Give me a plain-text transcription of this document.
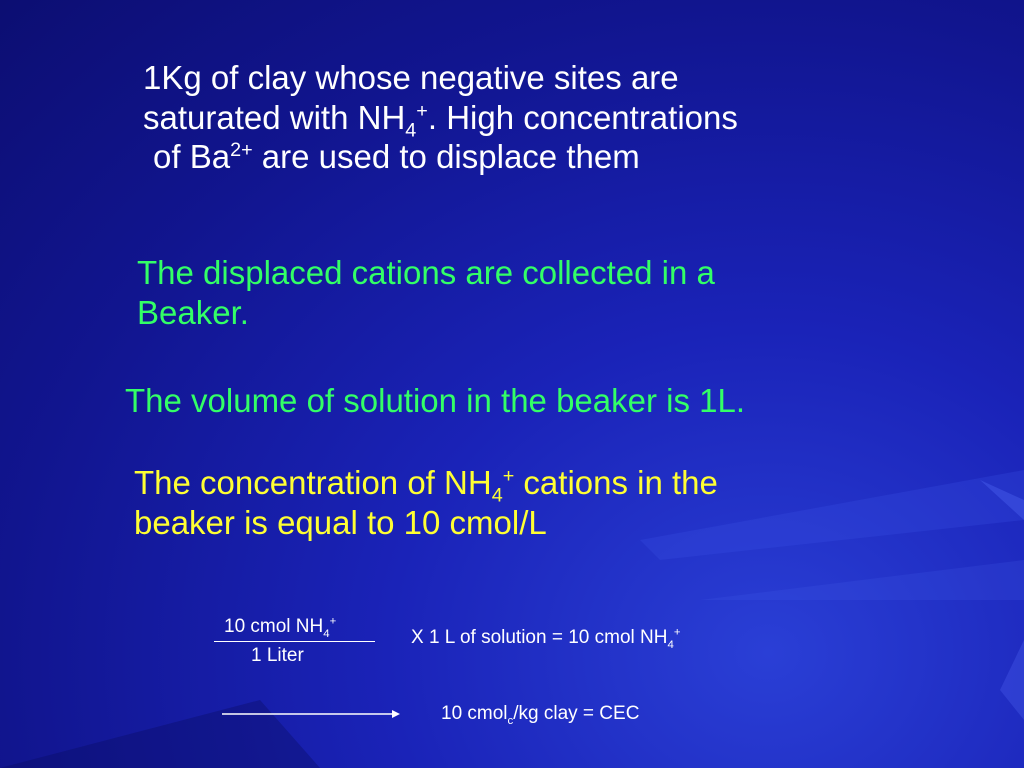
1Kg of clay whose negative sites are
saturated with $NH_4^+$. High concentrations
of $Ba^{2+}$ are used to displace them
The displaced cations are collected in a
Beaker.
The volume of solution in the beaker is 1L.
The concentration of $NH_4^+$ cations in the
beaker is equal to 10 cmol/L
10 cmol $NH_4^+$
1 Liter
X 1 L of solution = 10 cmol $NH_4^+$
10 cmol$_c$/kg clay = CEC
